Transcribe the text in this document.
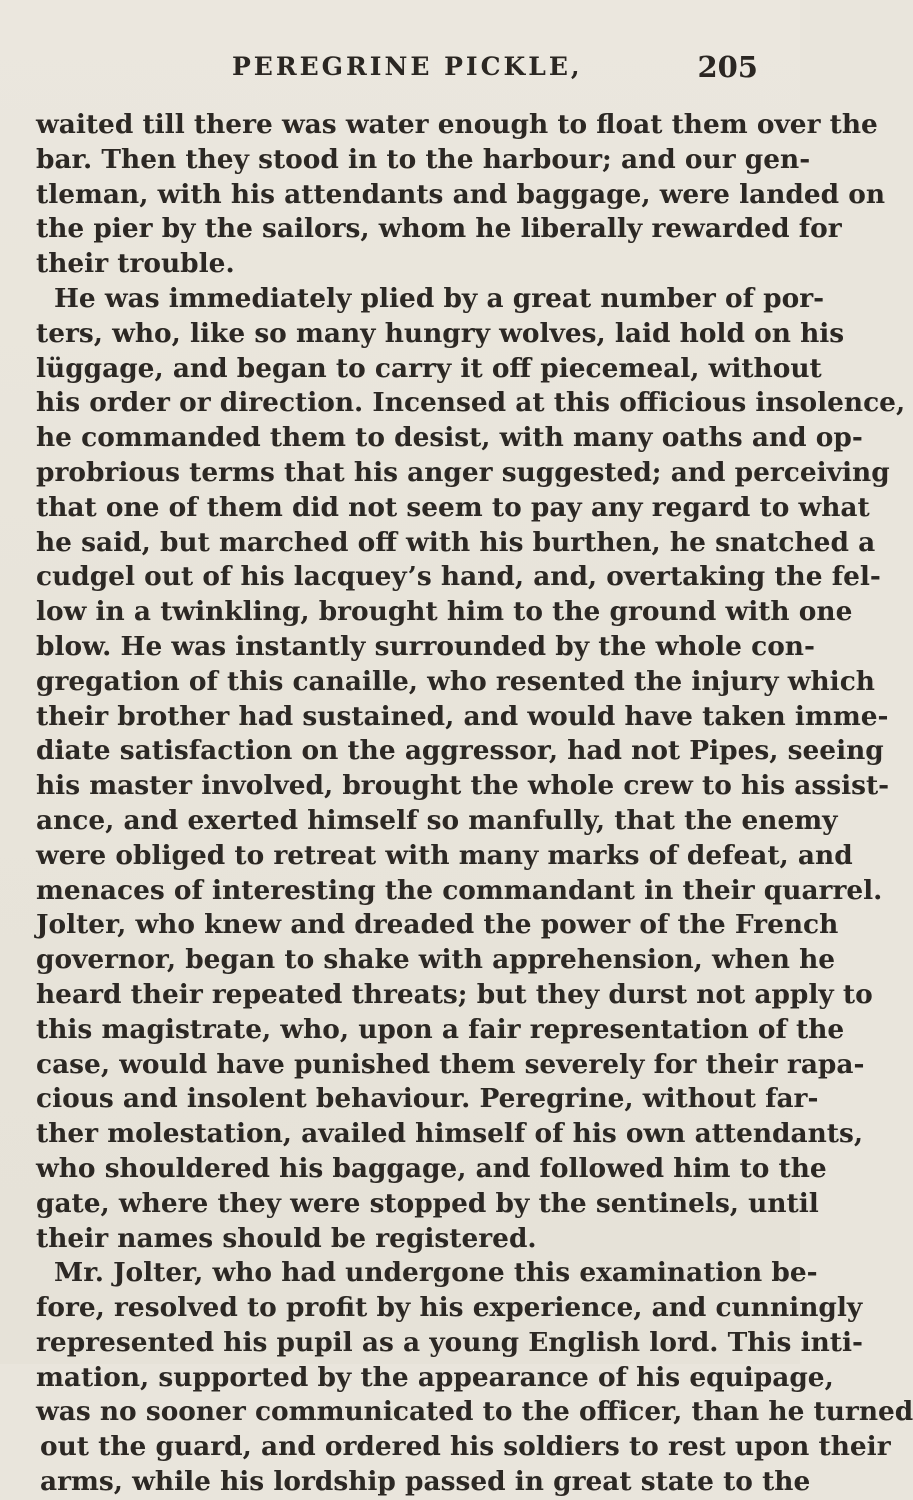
PEREGRINE PICKLE,	205
waited till there was water enough to float them over the
bar. Then they stood in to the harbour; and our gen-
tleman, with his attendants and baggage, were landed on
the pier by the sailors, whom he liberally rewarded for
their trouble.
He was immediately plied by a great number of por-
ters, who, like so many hungry wolves, laid hold on his
lüggage, and began to carry it off piecemeal, without
his order or direction. Incensed at this officious insolence,
he commanded them to desist, with many oaths and op-
probrious terms that his anger suggested; and perceiving
that one of them did not seem to pay any regard to what
he said, but marched off with his burthen, he snatched a
cudgel out of his lacquey’s hand, and, overtaking the fel-
low in a twinkling, brought him to the ground with one
blow. He was instantly surrounded by the whole con-
gregation of this canaille, who resented the injury which
their brother had sustained, and would have taken imme-
diate satisfaction on the aggressor, had not Pipes, seeing
his master involved, brought the whole crew to his assist-
ance, and exerted himself so manfully, that the enemy
were obliged to retreat with many marks of defeat, and
menaces of interesting the commandant in their quarrel.
Jolter, who knew and dreaded the power of the French
governor, began to shake with apprehension, when he
heard their repeated threats; but they durst not apply to
this magistrate, who, upon a fair representation of the
case, would have punished them severely for their rapa-
cious and insolent behaviour. Peregrine, without far-
ther molestation, availed himself of his own attendants,
who shouldered his baggage, and followed him to the
gate, where they were stopped by the sentinels, until
their names should be registered.
Mr. Jolter, who had undergone this examination be-
fore, resolved to profit by his experience, and cunningly
represented his pupil as a young English lord. This inti-
mation, supported by the appearance of his equipage,
was no sooner communicated to the officer, than he turned
out the guard, and ordered his soldiers to rest upon their
arms, while his lordship passed in great state to the
